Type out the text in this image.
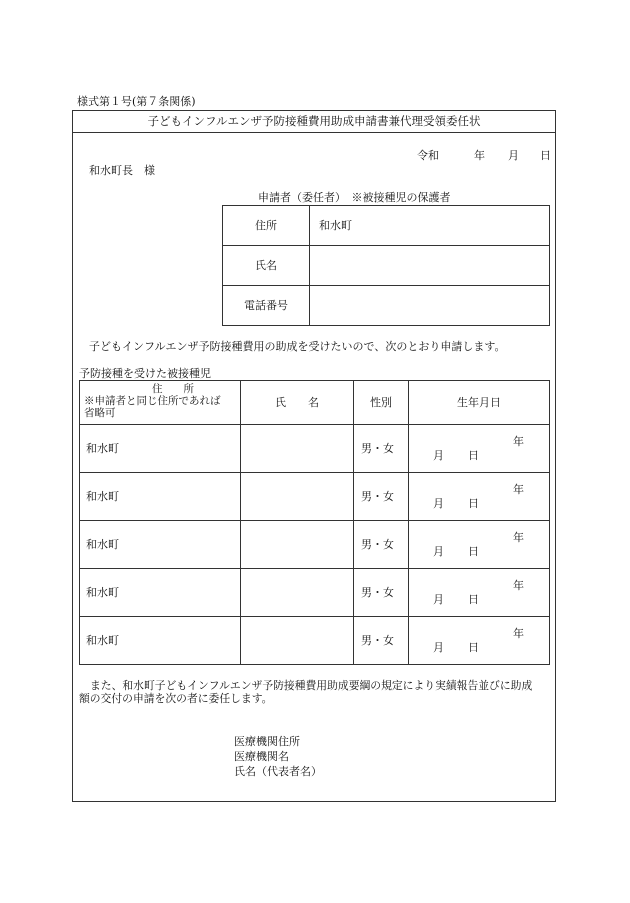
様式第１号(第７条関係)
子どもインフルエンザ予防接種費用助成申請書兼代理受領委任状
令和	年 月 日
和水町長　様
申請者（委任者）　※被接種児の保護者
住所	和水町
氏名	
電話番号	
子どもインフルエンザ予防接種費用の助成を受けたいので、次のとおり申請します。
予防接種を受けた被接種児
住　　所
※申請者と同じ住所であれば
省略可	氏　　名	性別	生年月日
和水町		男・女	年月 日
和水町		男・女	年月 日
和水町		男・女	年月 日
和水町		男・女	年月 日
和水町		男・女	年月 日
また、和水町子どもインフルエンザ予防接種費用助成要綱の規定により実績報告並びに助成
額の交付の申請を次の者に委任します。
医療機関住所
医療機関名
氏名（代表者名）
